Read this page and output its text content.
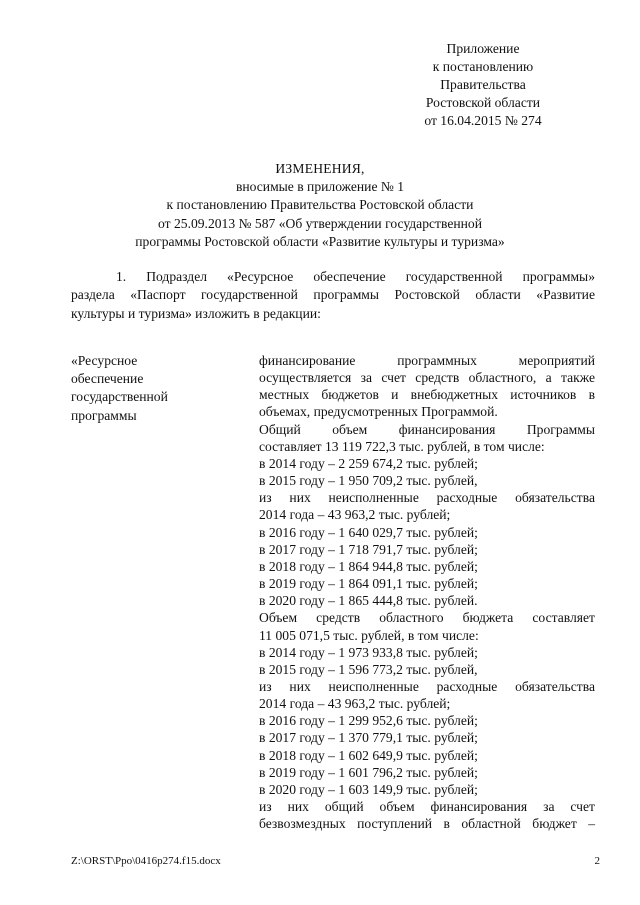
Приложение
к постановлению
Правительства
Ростовской области
от 16.04.2015 № 274
ИЗМЕНЕНИЯ,
вносимые в приложение № 1
к постановлению Правительства Ростовской области
от 25.09.2013 № 587 «Об утверждении государственной
программы Ростовской области «Развитие культуры и туризма»
1. Подраздел «Ресурсное обеспечение государственной программы»
раздела «Паспорт государственной программы Ростовской области «Развитие
культуры и туризма» изложить в редакции:
«Ресурсное
обеспечение
государственной
программы
финансирование программных мероприятий
осуществляется за счет средств областного, а также
местных бюджетов и внебюджетных источников в
объемах, предусмотренных Программой.
Общий объем финансирования Программы
составляет 13 119 722,3 тыс. рублей, в том числе:
в 2014 году – 2 259 674,2 тыс. рублей;
в 2015 году – 1 950 709,2 тыс. рублей,
из них неисполненные расходные обязательства
2014 года – 43 963,2 тыс. рублей;
в 2016 году – 1 640 029,7 тыс. рублей;
в 2017 году – 1 718 791,7 тыс. рублей;
в 2018 году – 1 864 944,8 тыс. рублей;
в 2019 году – 1 864 091,1 тыс. рублей;
в 2020 году – 1 865 444,8 тыс. рублей.
Объем средств областного бюджета составляет
11 005 071,5 тыс. рублей, в том числе:
в 2014 году – 1 973 933,8 тыс. рублей;
в 2015 году – 1 596 773,2 тыс. рублей,
из них неисполненные расходные обязательства
2014 года – 43 963,2 тыс. рублей;
в 2016 году – 1 299 952,6 тыс. рублей;
в 2017 году – 1 370 779,1 тыс. рублей;
в 2018 году – 1 602 649,9 тыс. рублей;
в 2019 году – 1 601 796,2 тыс. рублей;
в 2020 году – 1 603 149,9 тыс. рублей;
из них общий объем финансирования за счет
безвозмездных поступлений в областной бюджет –
Z:\ORST\Ppo\0416p274.f15.docx	2
